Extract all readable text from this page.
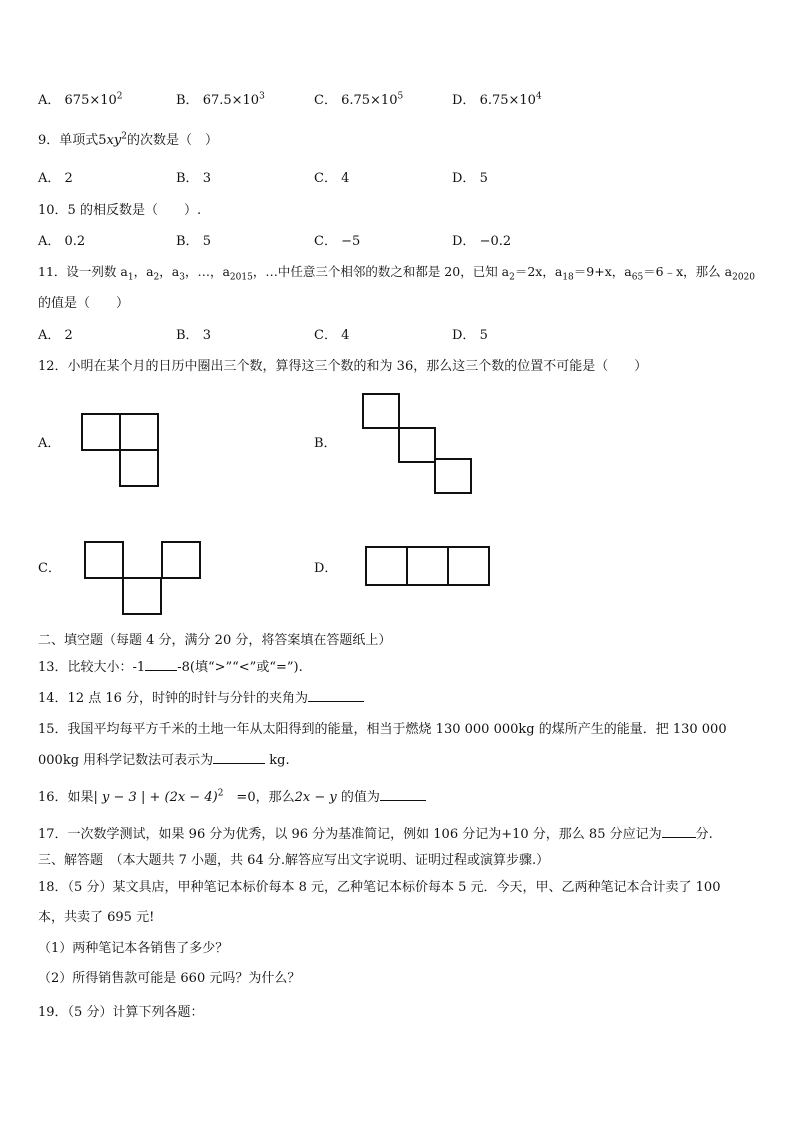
A． $675\times 10^2$	B． $67.5\times 10^3$	C． $6.75\times 10^5$	D． $6.75\times 10^4$
9．单项式$5xy^2$的次数是（　）
A． 2	B． 3	C． 4	D． 5
10．5 的相反数是（　　）.
A． 0.2	B． 5	C． −5	D． −0.2
11．设一列数 $a_1$，$a_2$，$a_3$，…，$a_{2015}$，…中任意三个相邻的数之和都是 20，已知 $a_2=2x$，$a_{18}=9+x$，$a_{65}=6﹣x$，那么 $a_{2020}$
的值是（　　）
A． 2	B． 3	C． 4	D． 5
12．小明在某个月的日历中圈出三个数，算得这三个数的和为 36，那么这三个数的位置不可能是（　　）
A．	B．
C．	D．
二、填空题（每题 4 分，满分 20 分，将答案填在答题纸上）
13．比较大小：-1 -8(填“>”“<”或“=”).
14．12 点 16 分，时钟的时针与分针的夹角为
15．我国平均每平方千米的土地一年从太阳得到的能量，相当于燃烧 130 000 000kg 的煤所产生的能量．把 130 000
000kg 用科学记数法可表示为	kg.
16．如果| y − 3 | + $(2x - 4)^2$　=0，那么2x − y 的值为
17．一次数学测试，如果 96 分为优秀，以 96 分为基准简记，例如 106 分记为+10 分，那么 85 分应记为	分.
三、解答题　（本大题共 7 小题，共 64 分.解答应写出文字说明、证明过程或演算步骤.）
18．（5 分）某文具店，甲种笔记本标价每本 8 元，乙种笔记本标价每本 5 元．今天，甲、乙两种笔记本合计卖了 100
本，共卖了 695 元!
（1）两种笔记本各销售了多少？
（2）所得销售款可能是 660 元吗？为什么？
19．（5 分）计算下列各题：
